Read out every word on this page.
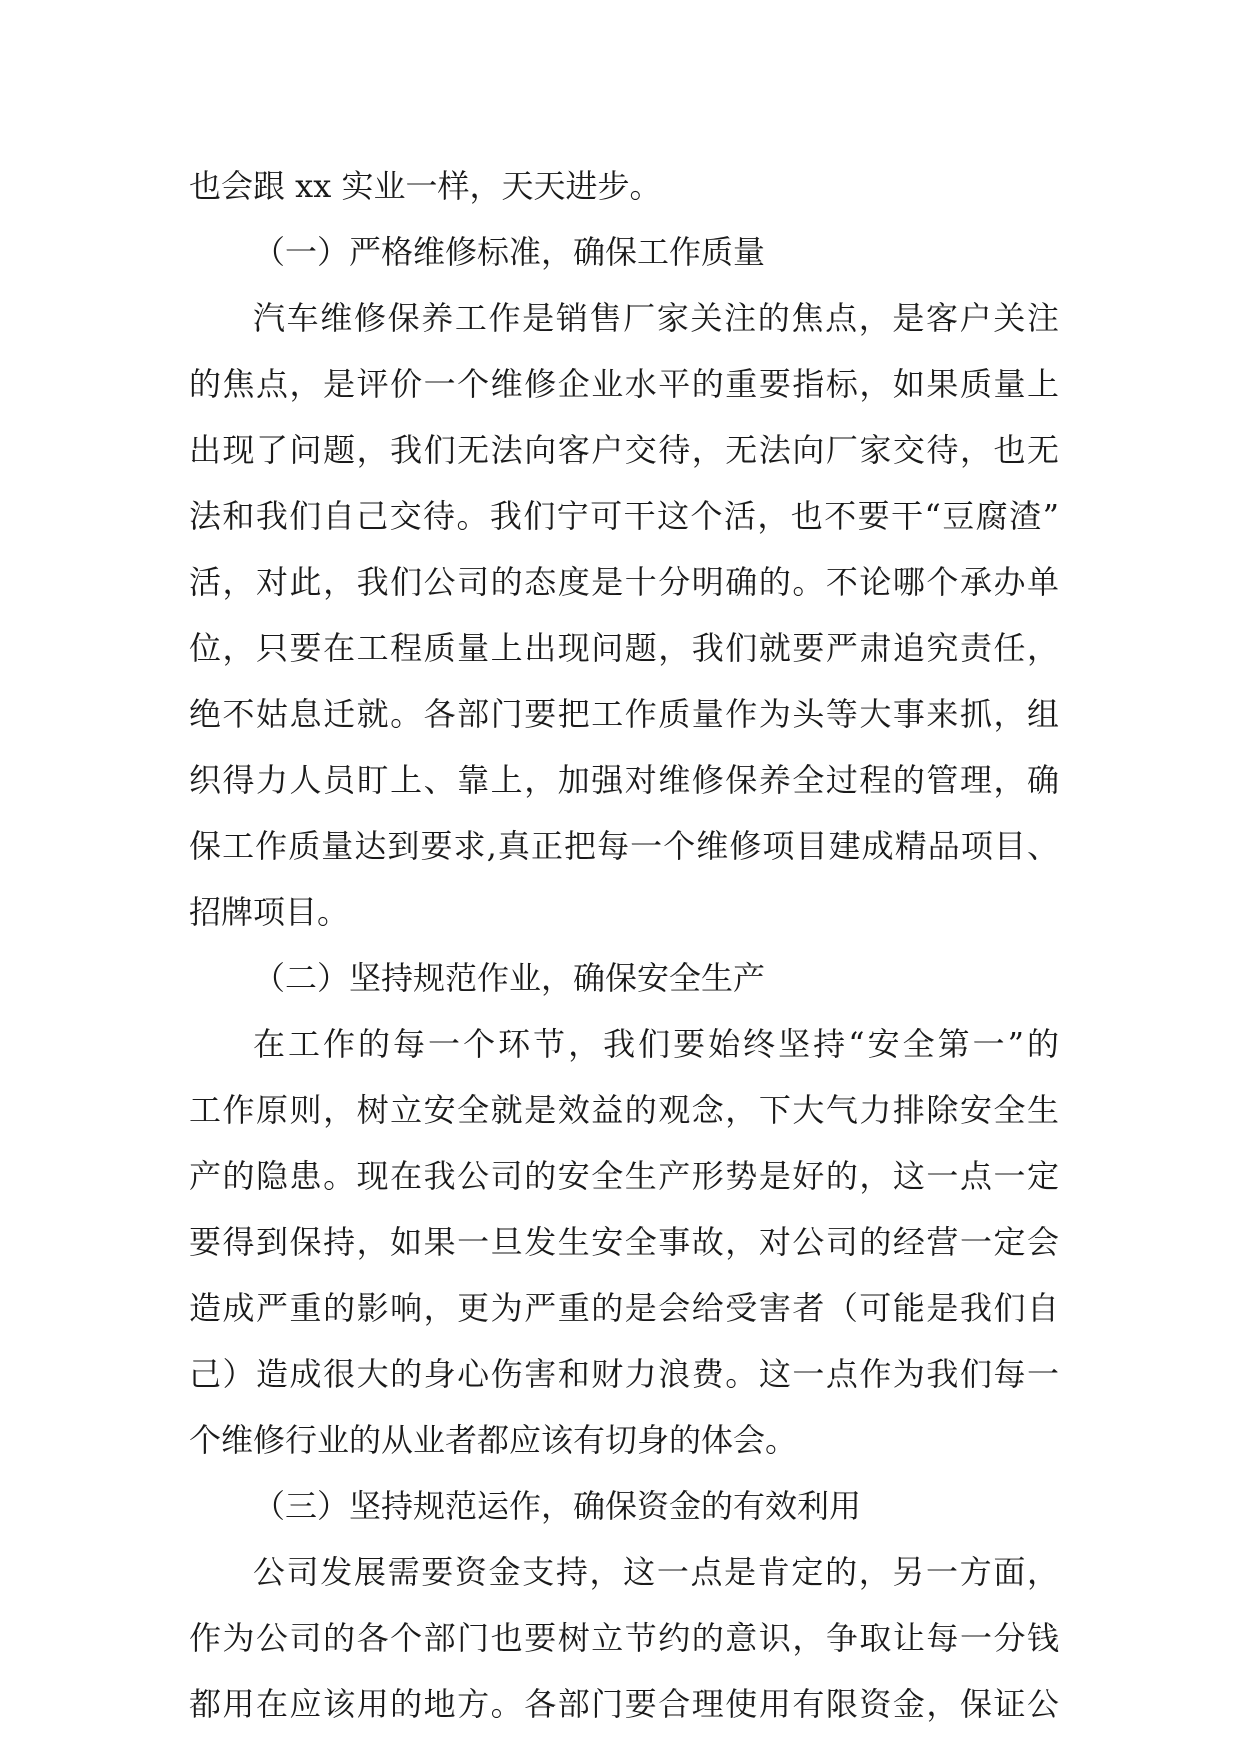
也会跟 xx 实业一样，天天进步。

（一）严格维修标准，确保工作质量

汽车维修保养工作是销售厂家关注的焦点，是客户关注

的焦点，是评价一个维修企业水平的重要指标，如果质量上

出现了问题，我们无法向客户交待，无法向厂家交待，也无

法和我们自己交待。我们宁可干这个活，也不要干“豆腐渣”

活，对此，我们公司的态度是十分明确的。不论哪个承办单

位，只要在工程质量上出现问题，我们就要严肃追究责任，

绝不姑息迁就。各部门要把工作质量作为头等大事来抓，组

织得力人员盯上、靠上，加强对维修保养全过程的管理，确

保工作质量达到要求,真正把每一个维修项目建成精品项目、

招牌项目。

（二）坚持规范作业，确保安全生产

在工作的每一个环节，我们要始终坚持“安全第一”的

工作原则，树立安全就是效益的观念，下大气力排除安全生

产的隐患。现在我公司的安全生产形势是好的，这一点一定

要得到保持，如果一旦发生安全事故，对公司的经营一定会

造成严重的影响，更为严重的是会给受害者（可能是我们自

己）造成很大的身心伤害和财力浪费。这一点作为我们每一

个维修行业的从业者都应该有切身的体会。

（三）坚持规范运作，确保资金的有效利用

公司发展需要资金支持，这一点是肯定的，另一方面，

作为公司的各个部门也要树立节约的意识，争取让每一分钱

都用在应该用的地方。各部门要合理使用有限资金，保证公
